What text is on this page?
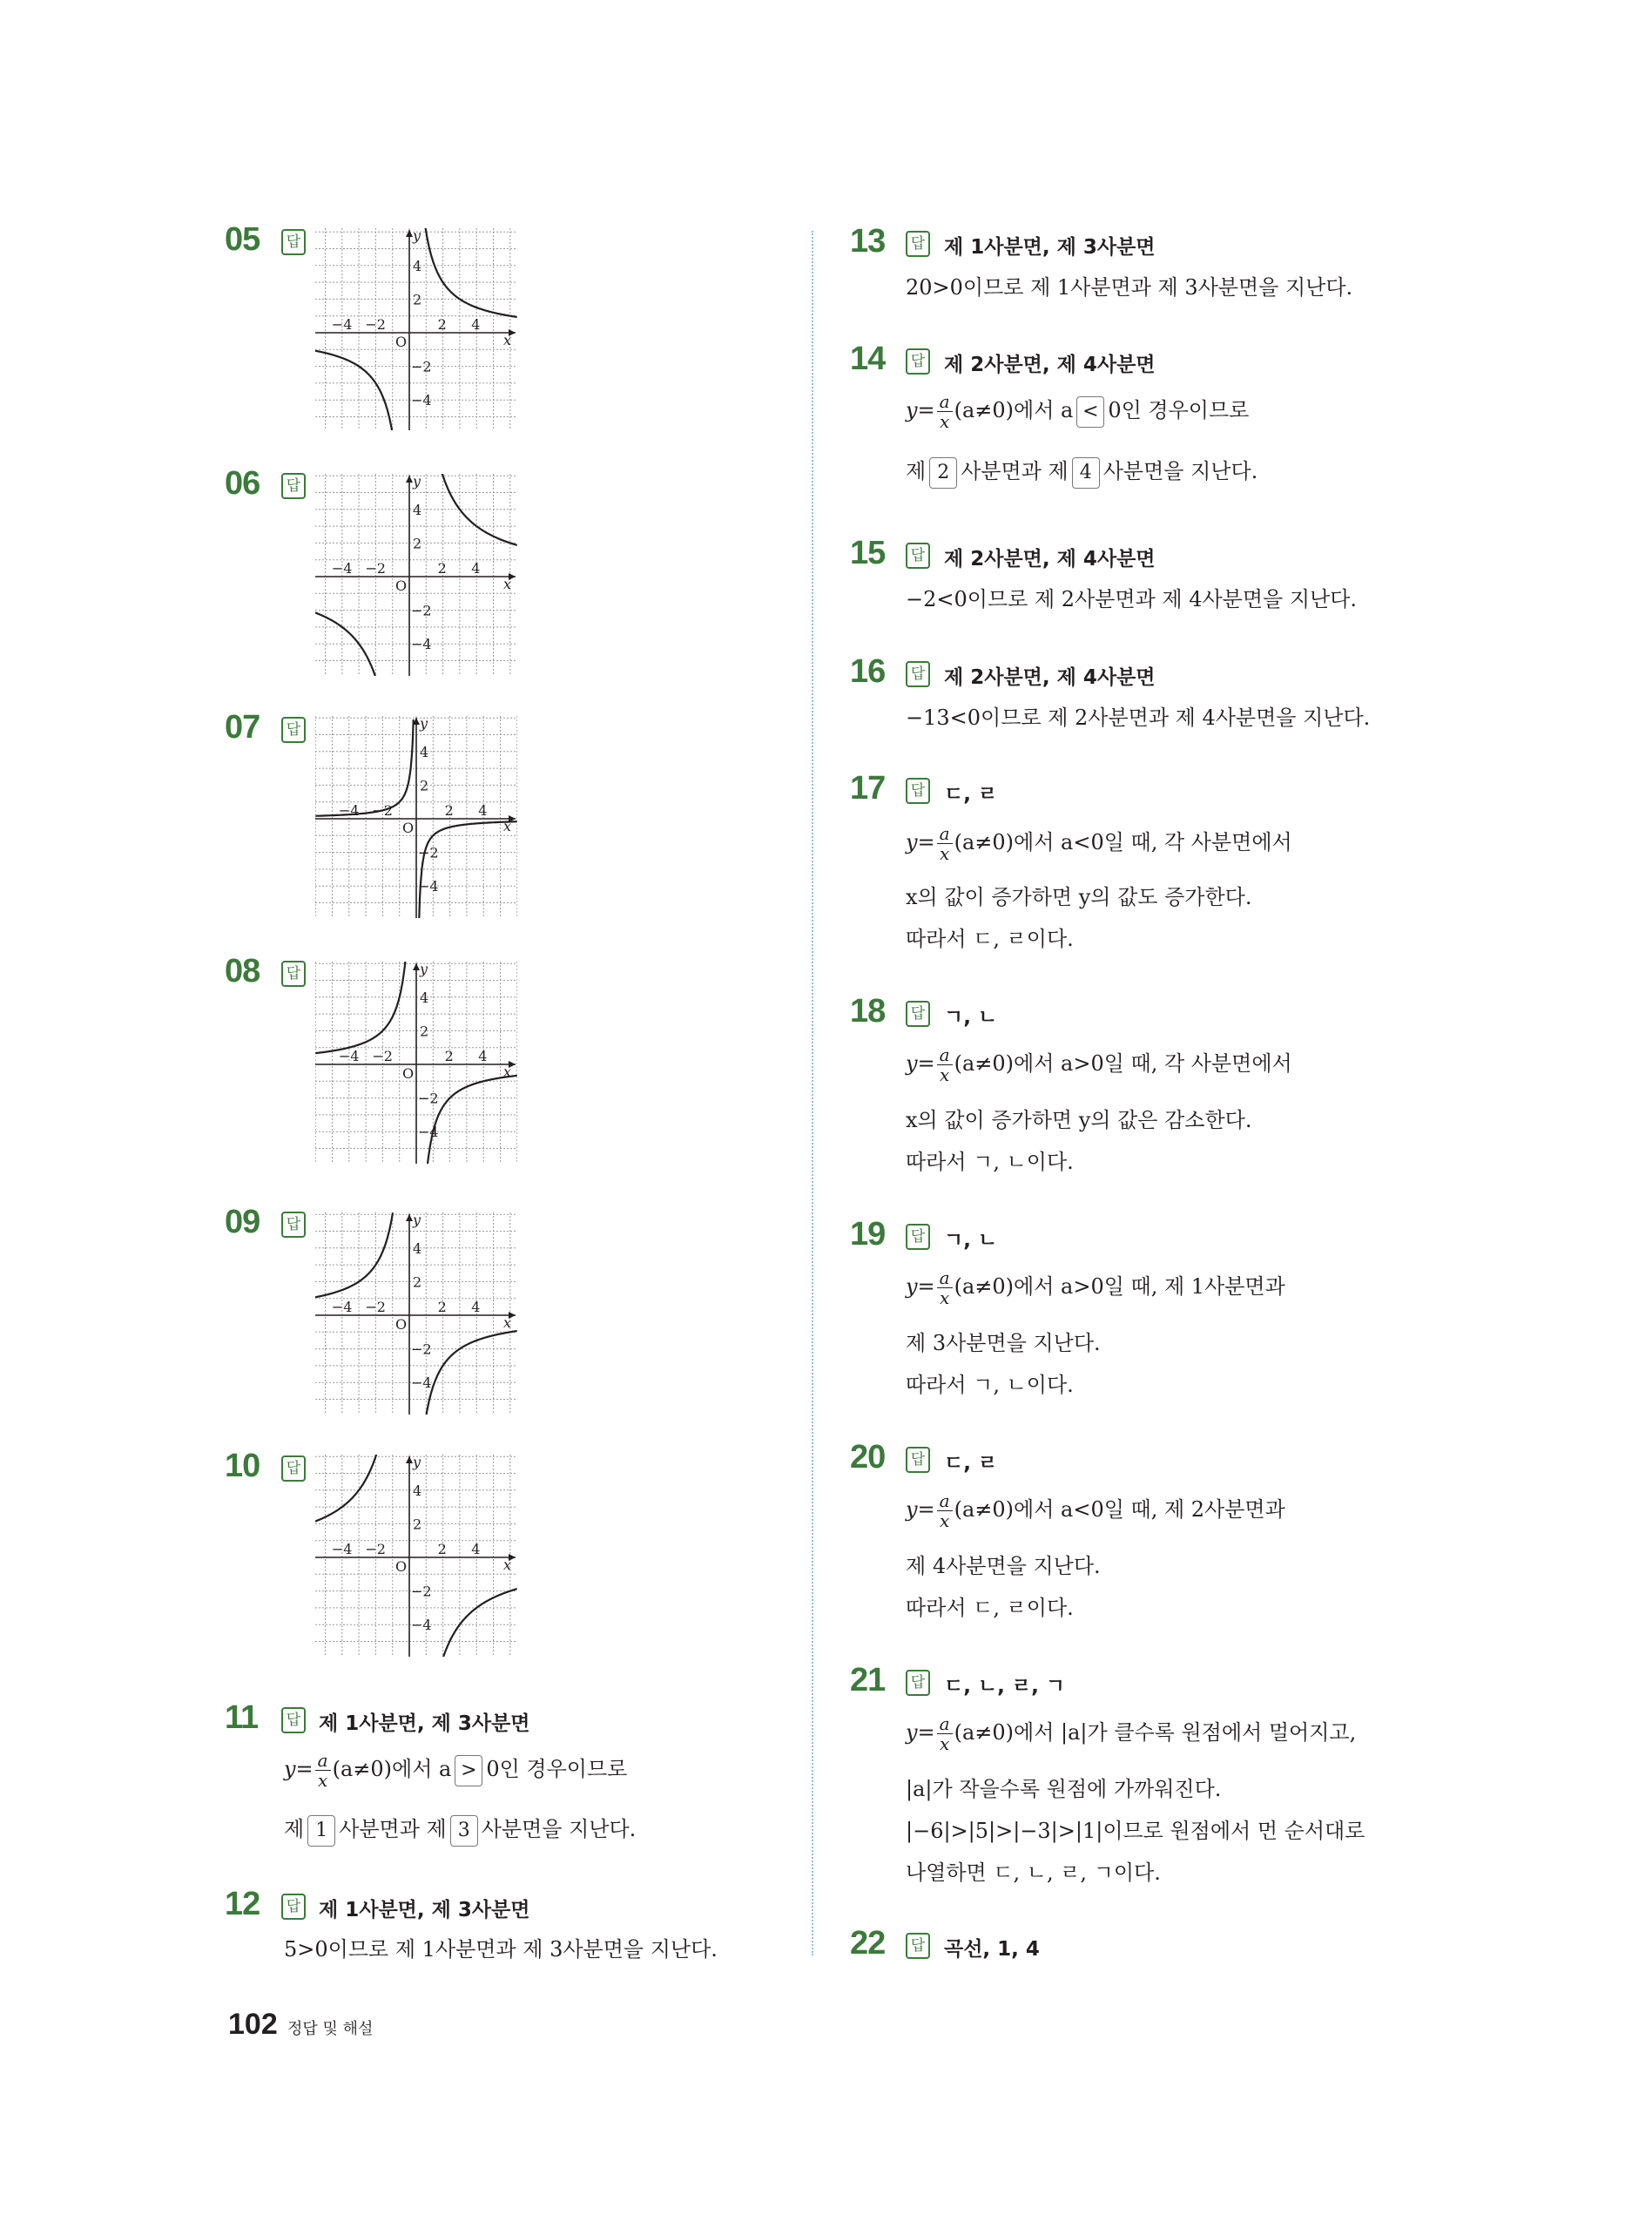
05	답
x
y
O
4
2
−2
−4
2 4
−2
−4
06	답
x
y
O
4
2
−2
−4
2 4
−2
−4
07	답
x
y
O
4
2
−2
−4
2 4
−2
−4
08	답
x
y
O
4
2
−2
−4
2 4
−2
−4
09	답
x
y
O
4
2
−2
−4
2 4
−2
−4
10	답
x
y
O
4
2
−2
−4
2 4
−2
−4
11	답 제 1사분면, 제 3사분면
$y= \frac{a}{x} (a\ne 0)$에서 a > 0인 경우이므로
제 1 사분면과 제 3 사분면을 지난다.
12	답 제 1사분면, 제 3사분면
5>0이므로 제 1사분면과 제 3사분면을 지난다.
13	답 제 1사분면, 제 3사분면
20>0이므로 제 1사분면과 제 3사분면을 지난다.
14	답 제 2사분면, 제 4사분면
$y= \frac{a}{x} (a\ne 0)$에서 a < 0인 경우이므로
제 2 사분면과 제 4 사분면을 지난다.
15	답 제 2사분면, 제 4사분면
−2<0이므로 제 2사분면과 제 4사분면을 지난다.
16	답 제 2사분면, 제 4사분면
−13<0이므로 제 2사분면과 제 4사분면을 지난다.
17	답 ㄷ, ㄹ
$y= \frac{a}{x} (a\ne 0)$에서 a<0일 때, 각 사분면에서
x의 값이 증가하면 y의 값도 증가한다.
따라서 ㄷ, ㄹ이다.
18	답 ㄱ, ㄴ
$y= \frac{a}{x} (a\ne 0)$에서 a>0일 때, 각 사분면에서
x의 값이 증가하면 y의 값은 감소한다.
따라서 ㄱ, ㄴ이다.
19	답 ㄱ, ㄴ
$y= \frac{a}{x} (a\ne 0)$에서 a>0일 때, 제 1사분면과
제 3사분면을 지난다.
따라서 ㄱ, ㄴ이다.
20	답 ㄷ, ㄹ
$y= \frac{a}{x} (a\ne 0)$에서 a<0일 때, 제 2사분면과
제 4사분면을 지난다.
따라서 ㄷ, ㄹ이다.
21	답 ㄷ, ㄴ, ㄹ, ㄱ
$y= \frac{a}{x} (a\ne 0)$에서 |a|가 클수록 원점에서 멀어지고,
|a|가 작을수록 원점에 가까워진다.
|−6|>|5|>|−3|>|1|이므로 원점에서 먼 순서대로
나열하면 ㄷ, ㄴ, ㄹ, ㄱ이다.
22	답 곡선, 1, 4
102 정답 및 해설
